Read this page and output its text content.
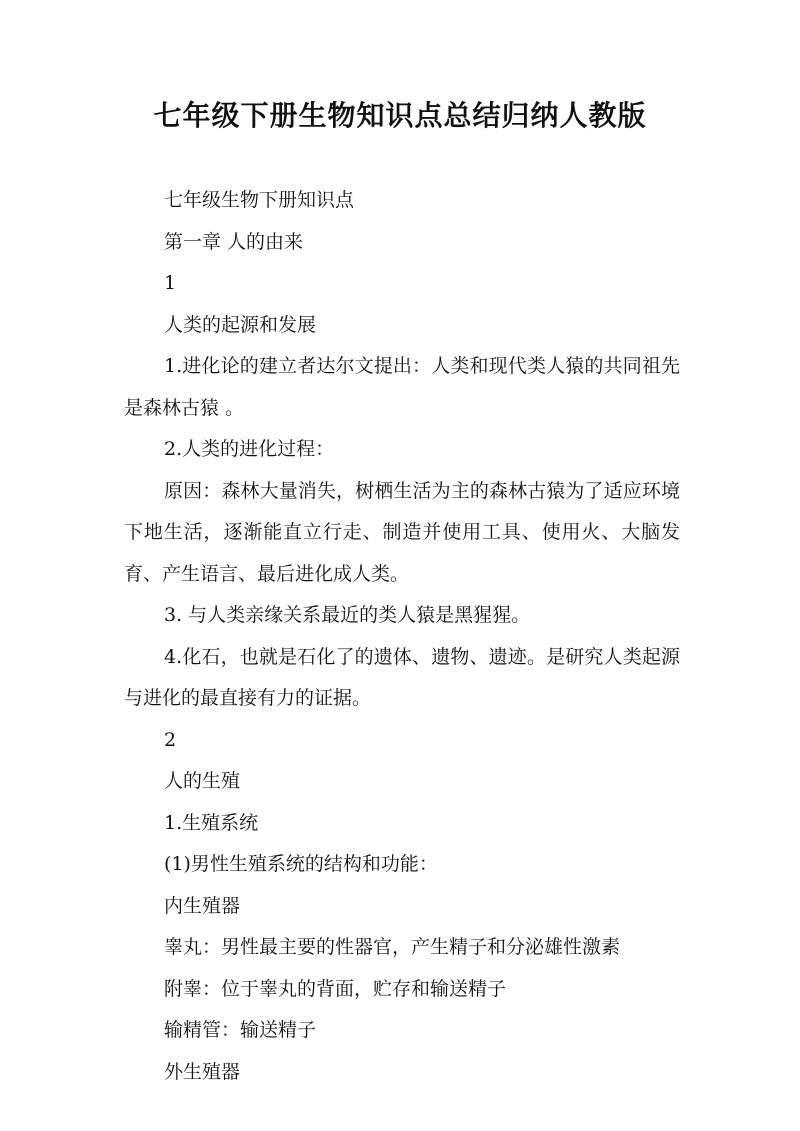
七年级下册生物知识点总结归纳人教版

七年级生物下册知识点

第一章 人的由来

1

人类的起源和发展

1.进化论的建立者达尔文提出：人类和现代类人猿的共同祖先是森林古猿 。

2.人类的进化过程：

原因：森林大量消失，树栖生活为主的森林古猿为了适应环境下地生活，逐渐能直立行走、制造并使用工具、使用火、大脑发育、产生语言、最后进化成人类。

3. 与人类亲缘关系最近的类人猿是黑猩猩。

4.化石，也就是石化了的遗体、遗物、遗迹。是研究人类起源与进化的最直接有力的证据。

2

人的生殖

1.生殖系统

(1)男性生殖系统的结构和功能：

内生殖器

睾丸：男性最主要的性器官，产生精子和分泌雄性激素

附睾：位于睾丸的背面，贮存和输送精子

输精管：输送精子

外生殖器
